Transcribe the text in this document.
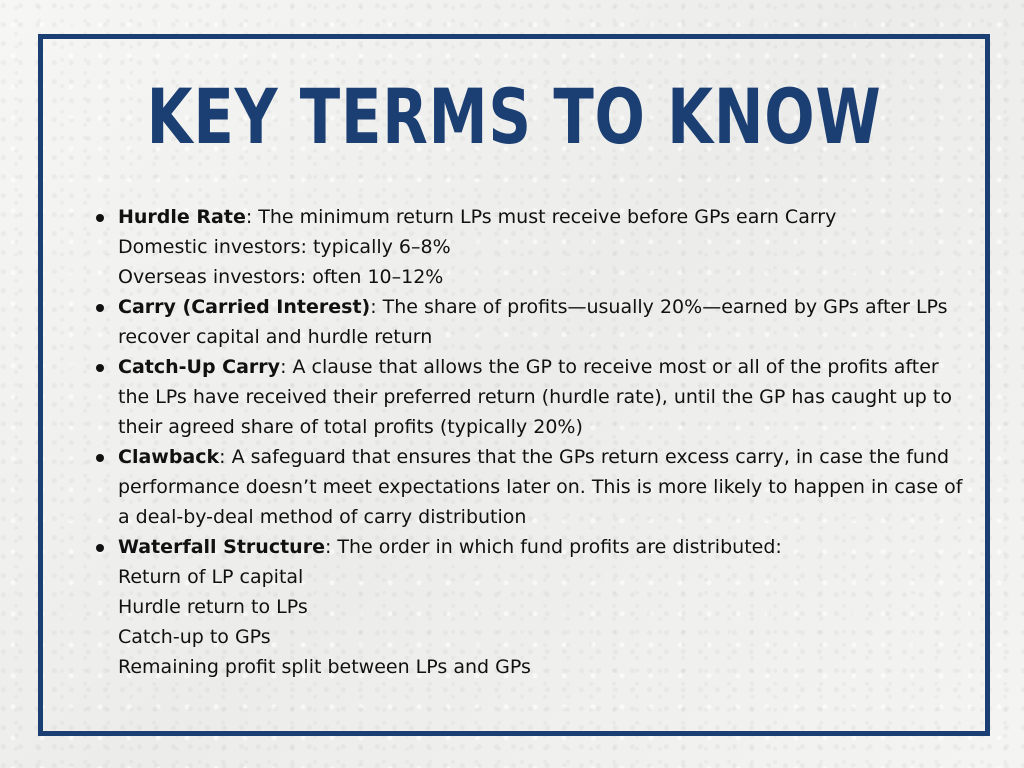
KEY TERMS TO KNOW
Hurdle Rate: The minimum return LPs must receive before GPs earn Carry
Domestic investors: typically 6–8%
Overseas investors: often 10–12%
Carry (Carried Interest): The share of profits—usually 20%—earned by GPs after LPs recover capital and hurdle return
Catch-Up Carry: A clause that allows the GP to receive most or all of the profits after the LPs have received their preferred return (hurdle rate), until the GP has caught up to their agreed share of total profits (typically 20%)
Clawback: A safeguard that ensures that the GPs return excess carry, in case the fund performance doesn’t meet expectations later on. This is more likely to happen in case of a deal-by-deal method of carry distribution
Waterfall Structure: The order in which fund profits are distributed:
Return of LP capital
Hurdle return to LPs
Catch-up to GPs
Remaining profit split between LPs and GPs
